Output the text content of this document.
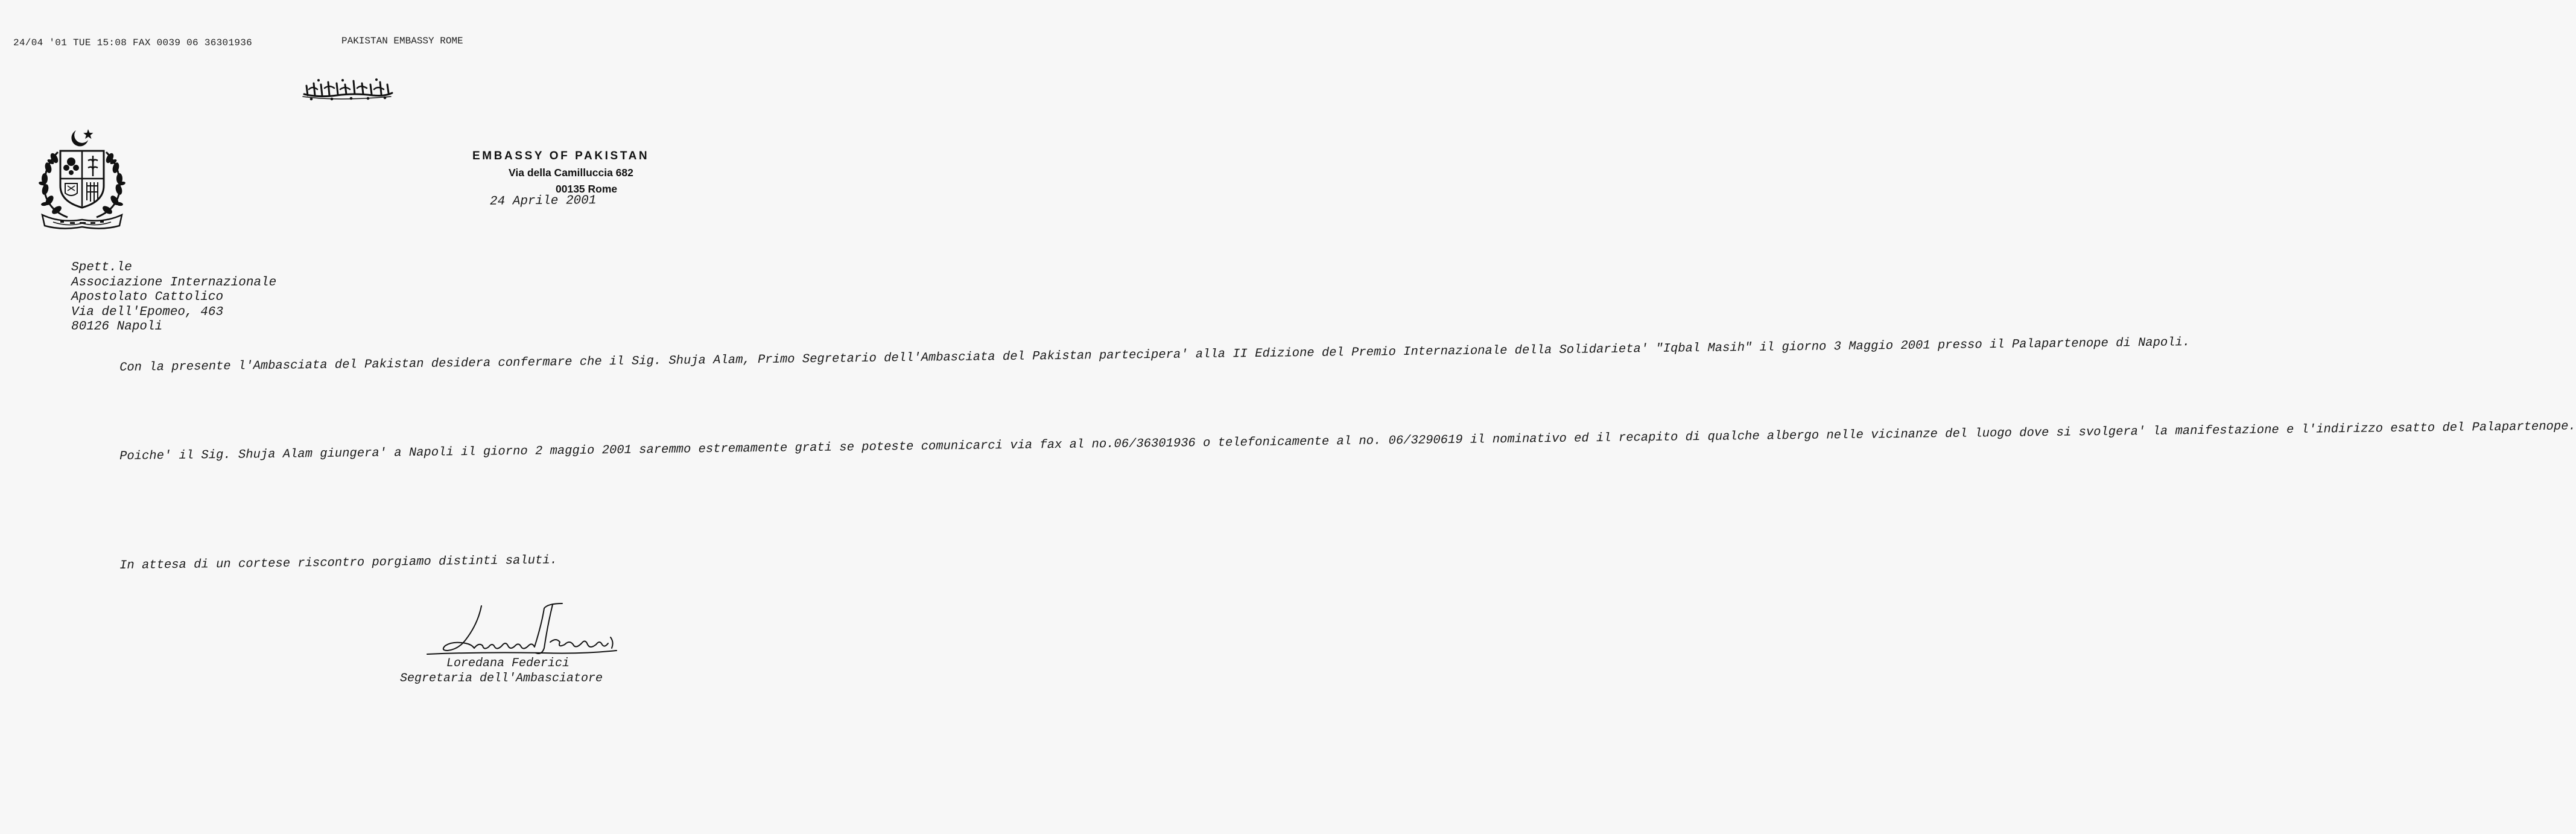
24/04 '01 TUE 15:08 FAX 0039 06 36301936	PAKISTAN EMBASSY ROME
EMBASSY OF PAKISTAN
Via della Camilluccia 682
00135 Rome
24 Aprile 2001
Spett.le
Associazione Internazionale
Apostolato Cattolico
Via dell'Epomeo, 463
80126 Napoli

Con la presente l'Ambasciata del Pakistan desidera confermare che il Sig. Shuja Alam, Primo Segretario dell'Ambasciata del Pakistan partecipera' alla II Edizione del Premio Internazionale della Solidarieta' "Iqbal Masih" il giorno 3 Maggio 2001 presso il Palapartenope di Napoli.

Poiche' il Sig. Shuja Alam giungera' a Napoli il giorno 2 maggio 2001 saremmo estremamente grati se poteste comunicarci via fax al no.06/36301936 o telefonicamente al no. 06/3290619 il nominativo ed il recapito di qualche albergo nelle vicinanze del luogo dove si svolgera' la manifestazione e l'indirizzo esatto del Palapartenope.

In attesa di un cortese riscontro porgiamo distinti saluti.

Loredana Federici
Segretaria dell'Ambasciatore
